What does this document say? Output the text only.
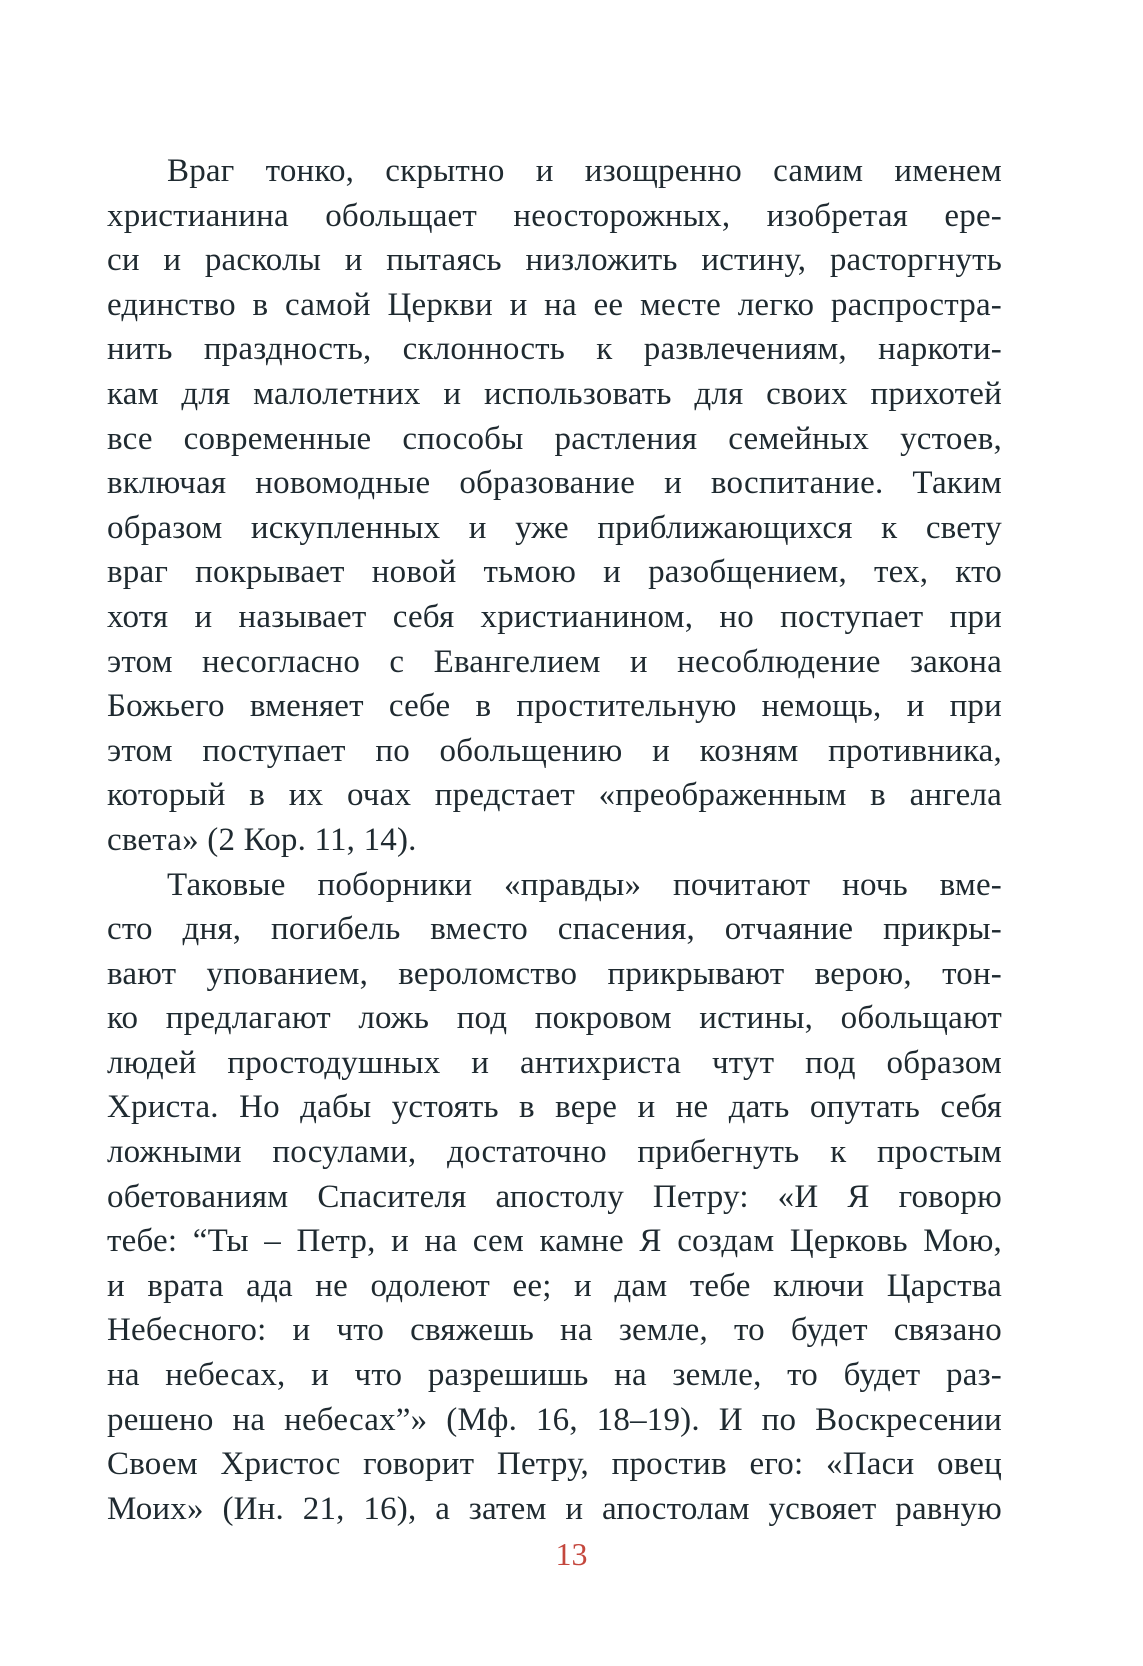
Враг тонко, скрытно и изощренно самим именем
христианина обольщает неосторожных, изобретая ере-
си и расколы и пытаясь низложить истину, расторгнуть
единство в самой Церкви и на ее месте легко распростра-
нить праздность, склонность к развлечениям, наркоти-
кам для малолетних и использовать для своих прихотей
все современные способы растления семейных устоев,
включая новомодные образование и воспитание. Таким
образом искупленных и уже приближающихся к свету
враг покрывает новой тьмою и разобщением, тех, кто
хотя и называет себя христианином, но поступает при
этом несогласно с Евангелием и несоблюдение закона
Божьего вменяет себе в простительную немощь, и при
этом поступает по обольщению и козням противника,
который в их очах предстает «преображенным в ангела
света» (2 Кор. 11, 14).

Таковые поборники «правды» почитают ночь вме-
сто дня, погибель вместо спасения, отчаяние прикры-
вают упованием, вероломство прикрывают верою, тон-
ко предлагают ложь под покровом истины, обольщают
людей простодушных и антихриста чтут под образом
Христа. Но дабы устоять в вере и не дать опутать себя
ложными посулами, достаточно прибегнуть к простым
обетованиям Спасителя апостолу Петру: «И Я говорю
тебе: “Ты – Петр, и на сем камне Я создам Церковь Мою,
и врата ада не одолеют ее; и дам тебе ключи Царства
Небесного: и что свяжешь на земле, то будет связано
на небесах, и что разрешишь на земле, то будет раз-
решено на небесах”» (Мф. 16, 18–19). И по Воскресении
Своем Христос говорит Петру, простив его: «Паси овец
Моих» (Ин. 21, 16), а затем и апостолам усвояет равную

13
